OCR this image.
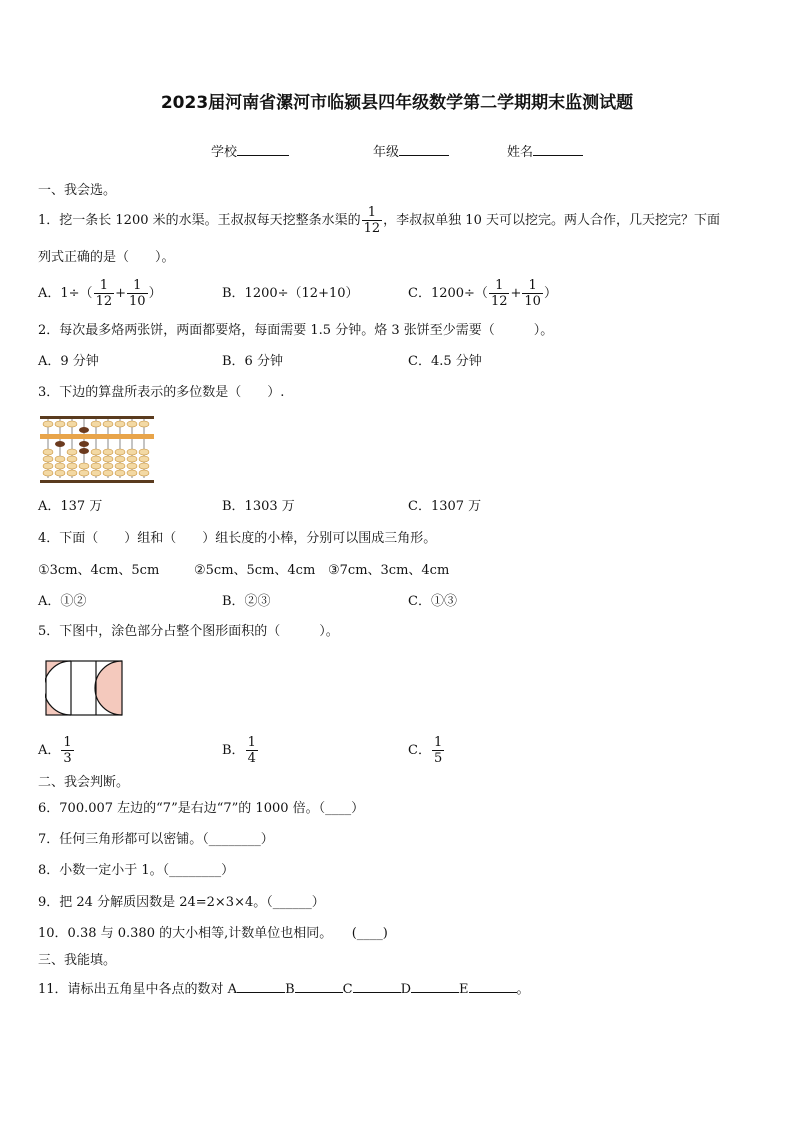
2023届河南省漯河市临颍县四年级数学第二学期期末监测试题
学校	年级	姓名
一、我会选。
1．挖一条长 1200 米的水渠。王叔叔每天挖整条水渠的 $\frac{1}{12}$ ，李叔叔单独 10 天可以挖完。两人合作，几天挖完？下面
列式正确的是（　　）。
A．$1\div( \frac{1}{12} + \frac{1}{10}$ ）	B．1200÷（12+10）	C．$1200\div( \frac{1}{12} + \frac{1}{10}$ ）
2．每次最多烙两张饼，两面都要烙，每面需要 1.5 分钟。烙 3 张饼至少需要（　　　）。
A．9 分钟	B．6 分钟	C．4.5 分钟
3．下边的算盘所表示的多位数是（　　）.
A．137 万	B．1303 万	C．1307 万
4．下面（　　）组和（　　）组长度的小棒，分别可以围成三角形。
①3cm、4cm、5cm	②5cm、5cm、4cm ③7cm、3cm、4cm
A．①②	B．②③	C．①③
5．下图中，涂色部分占整个图形面积的（　　　）。
A． $\frac{1}{3}$	B． $\frac{1}{4}$	C． $\frac{1}{5}$
二、我会判断。
6．700.007 左边的“7”是右边“7”的 1000 倍。（____）
7．任何三角形都可以密铺。（________）
8．小数一定小于 1。（________）
9．把 24 分解质因数是 24=2×3×4。（______）
10．0.38 与 0.380 的大小相等,计数单位也相同。　　(____)
三、我能填。
11．请标出五角星中各点的数对 A	B	C	D	E	。
